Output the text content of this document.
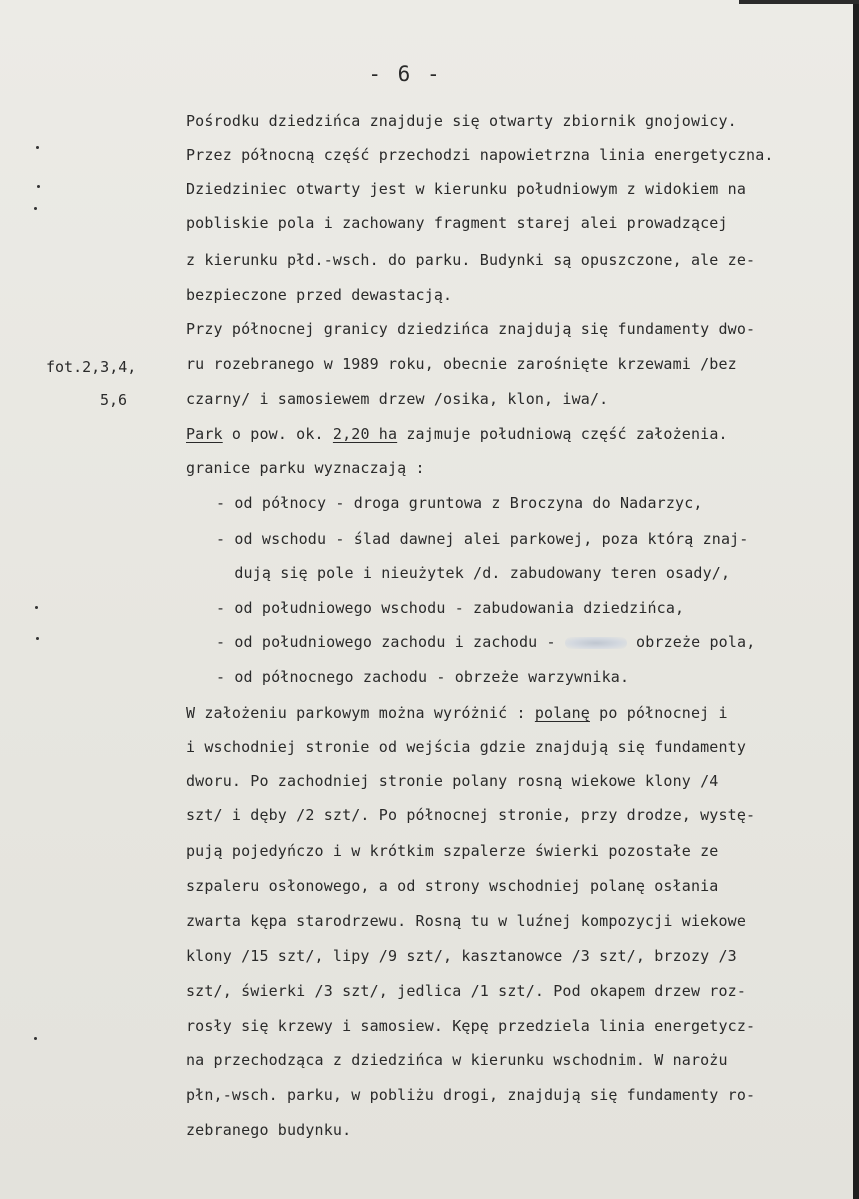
- 6 -
fot.2,3,4,
5,6
Pośrodku dziedzińca znajduje się otwarty zbiornik gnojowicy.
Przez północną część przechodzi napowietrzna linia energetyczna.
Dziedziniec otwarty jest w kierunku południowym z widokiem na
pobliskie pola i zachowany fragment starej alei prowadzącej
z kierunku płd.-wsch. do parku. Budynki są opuszczone, ale ze-
bezpieczone przed dewastacją.
Przy północnej granicy dziedzińca znajdują się fundamenty dwo-
ru rozebranego w 1989 roku, obecnie zarośnięte krzewami /bez
czarny/ i samosiewem drzew /osika, klon, iwa/.
Park o pow. ok. 2,20 ha zajmuje południową część założenia.
granice parku wyznaczają :
- od północy - droga gruntowa z Broczyna do Nadarzyc,
- od wschodu - ślad dawnej alei parkowej, poza którą znaj-
dują się pole i nieużytek /d. zabudowany teren osady/,
- od południowego wschodu - zabudowania dziedzińca,
- od południowego zachodu i zachodu -	obrzeże pola,
- od północnego zachodu - obrzeże warzywnika.
W założeniu parkowym można wyróżnić : polanę po północnej i
i wschodniej stronie od wejścia gdzie znajdują się fundamenty
dworu. Po zachodniej stronie polany rosną wiekowe klony /4
szt/ i dęby /2 szt/. Po północnej stronie, przy drodze, wystę-
pują pojedyńczo i w krótkim szpalerze świerki pozostałe ze
szpaleru osłonowego, a od strony wschodniej polanę osłania
zwarta kępa starodrzewu. Rosną tu w luźnej kompozycji wiekowe
klony /15 szt/, lipy /9 szt/, kasztanowce /3 szt/, brzozy /3
szt/, świerki /3 szt/, jedlica /1 szt/. Pod okapem drzew roz-
rosły się krzewy i samosiew. Kępę przedziela linia energetycz-
na przechodząca z dziedzińca w kierunku wschodnim. W narożu
płn,-wsch. parku, w pobliżu drogi, znajdują się fundamenty ro-
zebranego budynku.
